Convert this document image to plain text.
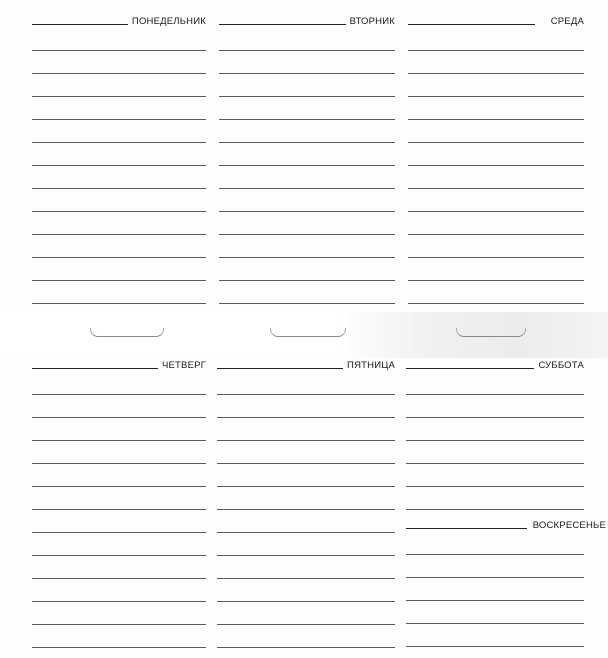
ПОНЕДЕЛЬНИК	ВТОРНИК	СРЕДА
ЧЕТВЕРГ	ПЯТНИЦА	СУББОТА
ВОСКРЕСЕНЬЕ
